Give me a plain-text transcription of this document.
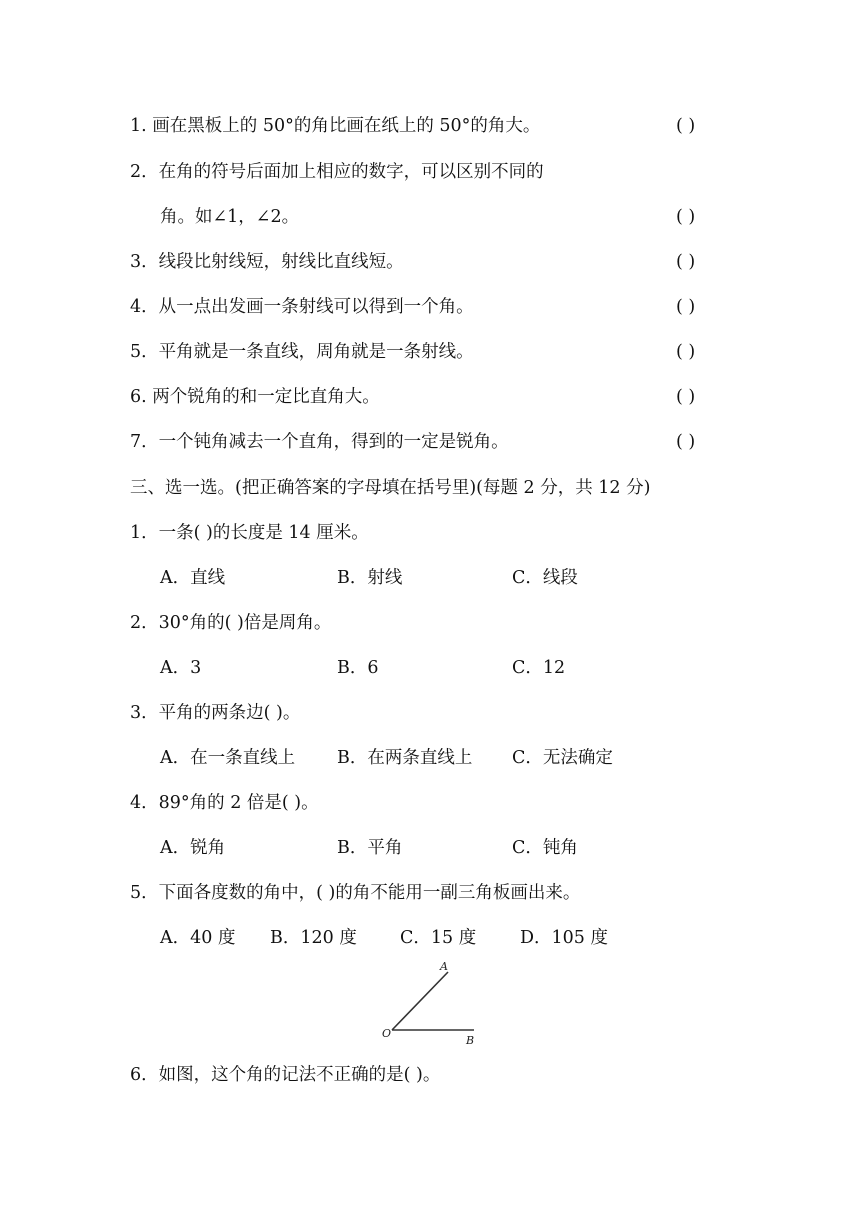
1. 画在黑板上的 50°的角比画在纸上的 50°的角大。	( )
2．在角的符号后面加上相应的数字，可以区别不同的
角。如∠1，∠2。	( )
3．线段比射线短，射线比直线短。	( )
4．从一点出发画一条射线可以得到一个角。	( )
5．平角就是一条直线，周角就是一条射线。	( )
6. 两个锐角的和一定比直角大。	( )
7．一个钝角减去一个直角，得到的一定是锐角。	( )
三、选一选。(把正确答案的字母填在括号里)(每题 2 分，共 12 分)
1．一条( )的长度是 14 厘米。
A．直线	B．射线	C．线段
2．30°角的( )倍是周角。
A．3	B．6	C．12
3．平角的两条边( )。
A．在一条直线上 B．在两条直线上 C．无法确定
4．89°角的 2 倍是( )。
A．锐角	B．平角	C．钝角
5．下面各度数的角中，( )的角不能用一副三角板画出来。
A．40 度 B．120 度 C．15 度	D．105 度
A
O
B
6．如图，这个角的记法不正确的是( )。
